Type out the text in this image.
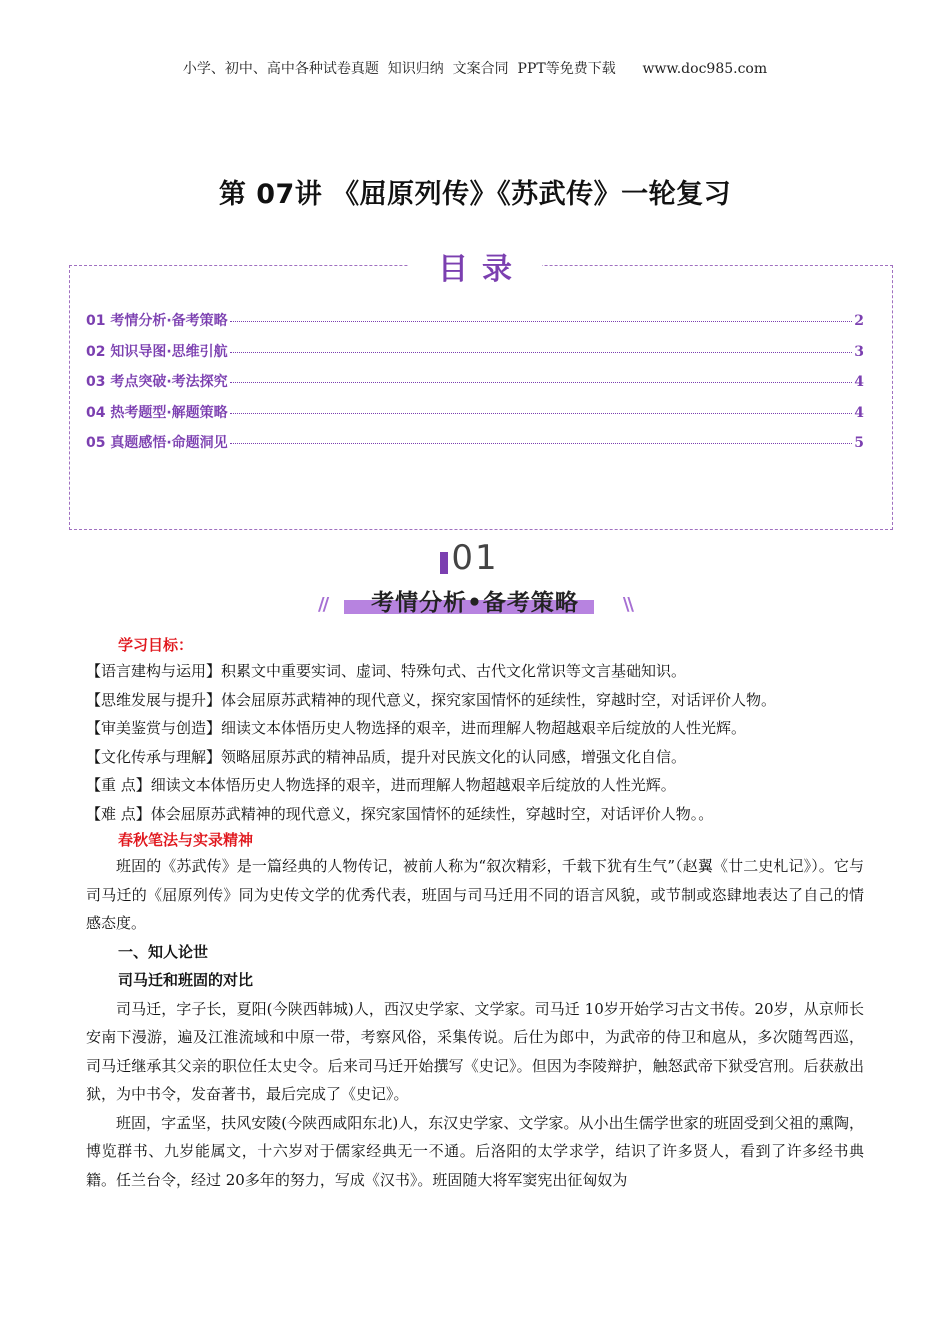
小学、初中、高中各种试卷真题  知识归纳  文案合同  PPT等免费下载      www.doc985.com
第 07讲 《屈原列传》《苏武传》一轮复习
目录
01 考情分析·备考策略	2
02 知识导图·思维引航	3
03 考点突破·考法探究	4
04 热考题型·解题策略	4
05 真题感悟·命题洞见	5
01
//	\\
考情分析•备考策略

学习目标：

【语言建构与运用】积累文中重要实词、虚词、特殊句式、古代文化常识等文言基础知识。

【思维发展与提升】体会屈原苏武精神的现代意义，探究家国情怀的延续性，穿越时空，对话评价人物。

【审美鉴赏与创造】细读文本体悟历史人物选择的艰辛，进而理解人物超越艰辛后绽放的人性光辉。

【文化传承与理解】领略屈原苏武的精神品质，提升对民族文化的认同感，增强文化自信。

【重 点】细读文本体悟历史人物选择的艰辛，进而理解人物超越艰辛后绽放的人性光辉。

【难 点】体会屈原苏武精神的现代意义，探究家国情怀的延续性，穿越时空，对话评价人物。。

春秋笔法与实录精神

班固的《苏武传》是一篇经典的人物传记，被前人称为“叙次精彩，千载下犹有生气”（赵翼《廿二史札记》）。它与司马迁的《屈原列传》同为史传文学的优秀代表，班固与司马迁用不同的语言风貌，或节制或恣肆地表达了自己的情感态度。

一、知人论世

司马迁和班固的对比

司马迁，字子长，夏阳(今陕西韩城)人，西汉史学家、文学家。司马迁 10岁开始学习古文书传。20岁，从京师长安南下漫游，遍及江淮流域和中原一带，考察风俗，采集传说。后仕为郎中，为武帝的侍卫和扈从，多次随驾西巡，司马迁继承其父亲的职位任太史令。后来司马迁开始撰写《史记》。但因为李陵辩护，触怒武帝下狱受宫刑。后获赦出狱，为中书令，发奋著书，最后完成了《史记》。

班固，字孟坚，扶风安陵(今陕西咸阳东北)人，东汉史学家、文学家。从小出生儒学世家的班固受到父祖的熏陶，博览群书、九岁能属文，十六岁对于儒家经典无一不通。后洛阳的太学求学，结识了许多贤人，看到了许多经书典籍。任兰台令，经过 20多年的努力，写成《汉书》。班固随大将军窦宪出征匈奴为
